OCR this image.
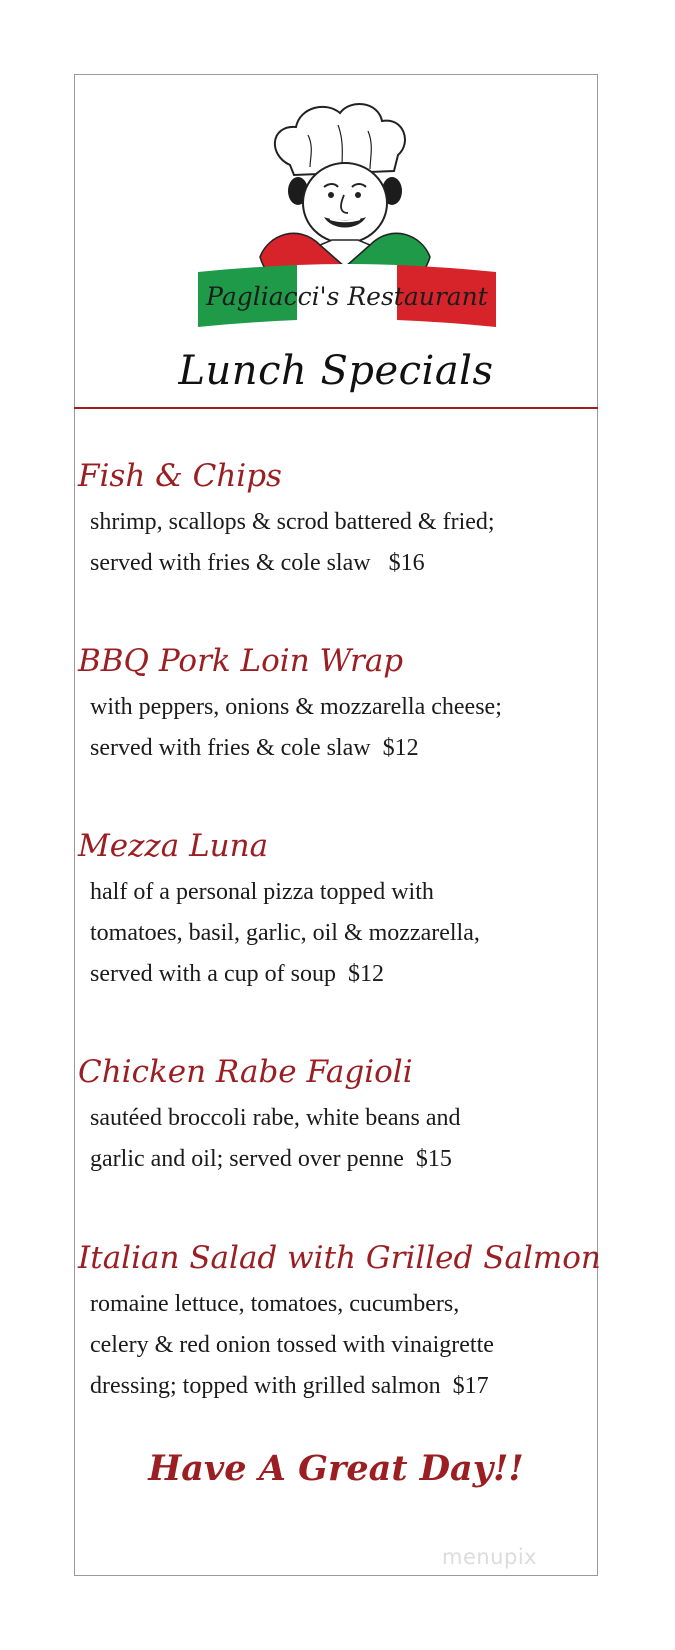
Pagliacci's Restaurant
Lunch Specials
Fish & Chips
shrimp, scallops & scrod battered & fried;
served with fries & cole slaw   $16
BBQ Pork Loin Wrap
with peppers, onions & mozzarella cheese;
served with fries & cole slaw  $12
Mezza Luna
half of a personal pizza topped with
tomatoes, basil, garlic, oil & mozzarella,
served with a cup of soup  $12
Chicken Rabe Fagioli
sautéed broccoli rabe, white beans and
garlic and oil; served over penne  $15
Italian Salad with Grilled Salmon
romaine lettuce, tomatoes, cucumbers,
celery & red onion tossed with vinaigrette
dressing; topped with grilled salmon  $17
Have A Great Day!!
menupix
